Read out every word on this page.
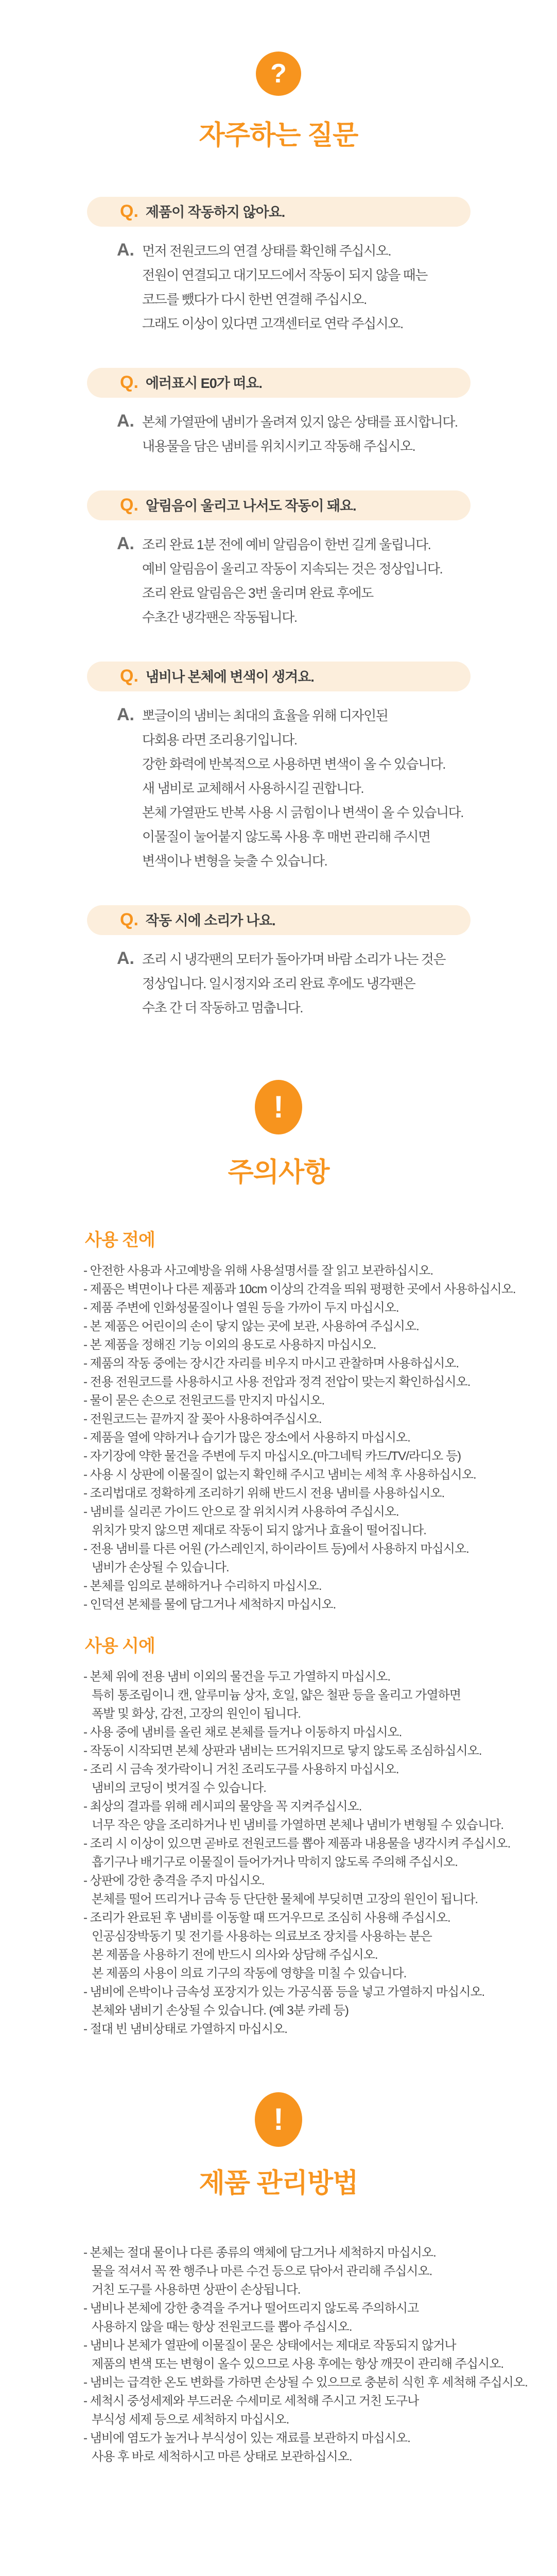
?
자주하는 질문
Q. 제품이 작동하지 않아요.
A. 먼저 전원코드의 연결 상태를 확인해 주십시오.
전원이 연결되고 대기모드에서 작동이 되지 않을 때는
코드를 뺐다가 다시 한번 연결해 주십시오.
그래도 이상이 있다면 고객센터로 연락 주십시오.
Q. 에러표시 E0가 떠요.
A. 본체 가열판에 냄비가 올려져 있지 않은 상태를 표시합니다.
내용물을 담은 냄비를 위치시키고 작동해 주십시오.
Q. 알림음이 울리고 나서도 작동이 돼요.
A. 조리 완료 1분 전에 예비 알림음이 한번 길게 울립니다.
예비 알림음이 울리고 작동이 지속되는 것은 정상입니다.
조리 완료 알림음은 3번 울리며 완료 후에도
수초간 냉각팬은 작동됩니다.
Q. 냄비나 본체에 변색이 생겨요.
A. 뽀글이의 냄비는 최대의 효율을 위해 디자인된
다회용 라면 조리용기입니다.
강한 화력에 반복적으로 사용하면 변색이 올 수 있습니다.
새 냄비로 교체해서 사용하시길 권합니다.
본체 가열판도 반복 사용 시 긁힘이나 변색이 올 수 있습니다.
이물질이 눌어붙지 않도록 사용 후 매번 관리해 주시면
변색이나 변형을 늦출 수 있습니다.
Q. 작동 시에 소리가 나요.
A. 조리 시 냉각팬의 모터가 돌아가며 바람 소리가 나는 것은
정상입니다. 일시정지와 조리 완료 후에도 냉각팬은
수초 간 더 작동하고 멈춥니다.
!
주의사항
사용 전에
- 안전한 사용과 사고예방을 위해 사용설명서를 잘 읽고 보관하십시오.
- 제품은 벽면이나 다른 제품과 10cm 이상의 간격을 띄워 평평한 곳에서 사용하십시오.
- 제품 주변에 인화성물질이나 열원 등을 가까이 두지 마십시오.
- 본 제품은 어린이의 손이 닿지 않는 곳에 보관, 사용하여 주십시오.
- 본 제품을 정해진 기능 이외의 용도로 사용하지 마십시오.
- 제품의 작동 중에는 장시간 자리를 비우지 마시고 관찰하며 사용하십시오.
- 전용 전원코드를 사용하시고 사용 전압과 정격 전압이 맞는지 확인하십시오.
- 물이 묻은 손으로 전원코드를 만지지 마십시오.
- 전원코드는 끝까지 잘 꽂아 사용하여주십시오.
- 제품을 열에 약하거나 습기가 많은 장소에서 사용하지 마십시오.
- 자기장에 약한 물건을 주변에 두지 마십시오.(마그네틱 카드/TV/라디오 등)
- 사용 시 상판에 이물질이 없는지 확인해 주시고 냄비는 세척 후 사용하십시오.
- 조리법대로 정확하게 조리하기 위해 반드시 전용 냄비를 사용하십시오.
- 냄비를 실리콘 가이드 안으로 잘 위치시켜 사용하여 주십시오.
위치가 맞지 않으면 제대로 작동이 되지 않거나 효율이 떨어집니다.
- 전용 냄비를 다른 어원 (가스레인지, 하이라이트 등)에서 사용하지 마십시오.
냄비가 손상될 수 있습니다.
- 본체를 임의로 분해하거나 수리하지 마십시오.
- 인덕션 본체를 물에 담그거나 세척하지 마십시오.
사용 시에
- 본체 위에 전용 냄비 이외의 물건을 두고 가열하지 마십시오.
특히 통조림이니 캔, 알루미늄 상자, 호일, 얇은 철판 등을 올리고 가열하면
폭발 및 화상, 감전, 고장의 원인이 됩니다.
- 사용 중에 냄비를 올린 채로 본체를 들거나 이동하지 마십시오.
- 작동이 시작되면 본체 상판과 냄비는 뜨거워지므로 닿지 않도록 조심하십시오.
- 조리 시 금속 젓가락이니 거친 조리도구를 사용하지 마십시오.
냄비의 코딩이 벗겨질 수 있습니다.
- 최상의 결과를 위해 레시피의 물양을 꼭 지켜주십시오.
너무 작은 양을 조리하거나 빈 냄비를 가열하면 본체나 냄비가 변형될 수 있습니다.
- 조리 시 이상이 있으면 곧바로 전원코드를 뽑아 제품과 내용물을 냉각시켜 주십시오.
흡기구나 배기구로 이물질이 들어가거나 막히지 않도록 주의해 주십시오.
- 상판에 강한 충격을 주지 마십시오.
본체를 떨어 뜨리거나 금속 등 단단한 물체에 부딪히면 고장의 원인이 됩니다.
- 조리가 완료된 후 냄비를 이동할 때 뜨거우므로 조심히 사용해 주십시오.
인공심장박동기 및 전기를 사용하는 의료보조 장치를 사용하는 분은
본 제품을 사용하기 전에 반드시 의사와 상담해 주십시오.
본 제품의 사용이 의료 기구의 작동에 영향을 미칠 수 있습니다.
- 냄비에 은박이나 금속성 포장지가 있는 가공식품 등을 넣고 가열하지 마십시오.
본체와 냄비기 손상될 수 있습니다. (예 3분 카레 등)
- 절대 빈 냄비상태로 가열하지 마십시오.
!
제품 관리방법
- 본체는 절대 물이나 다른 종류의 액체에 담그거나 세척하지 마십시오.
물을 적셔서 꼭 짠 행주나 마른 수건 등으로 닦아서 관리해 주십시오.
거친 도구를 사용하면 상판이 손상됩니다.
- 냄비나 본체에 강한 충격을 주거나 떨어뜨리지 않도록 주의하시고
사용하지 않을 때는 항상 전원코드를 뽑아 주십시오.
- 냄비나 본체가 열판에 이물질이 묻은 상태에서는 제대로 작동되지 않거나
제품의 변색 또는 변형이 올수 있으므로 사용 후에는 항상 깨끗이 관리해 주십시오.
- 냄비는 급격한 온도 변화를 가하면 손상될 수 있으므로 충분히 식힌 후 세척해 주십시오.
- 세척시 중성세제와 부드러운 수세미로 세척해 주시고 거친 도구나
부식성 세제 등으로 세척하지 마십시오.
- 냄비에 염도가 높거나 부식성이 있는 재료를 보관하지 마십시오.
사용 후 바로 세척하시고 마른 상태로 보관하십시오.
